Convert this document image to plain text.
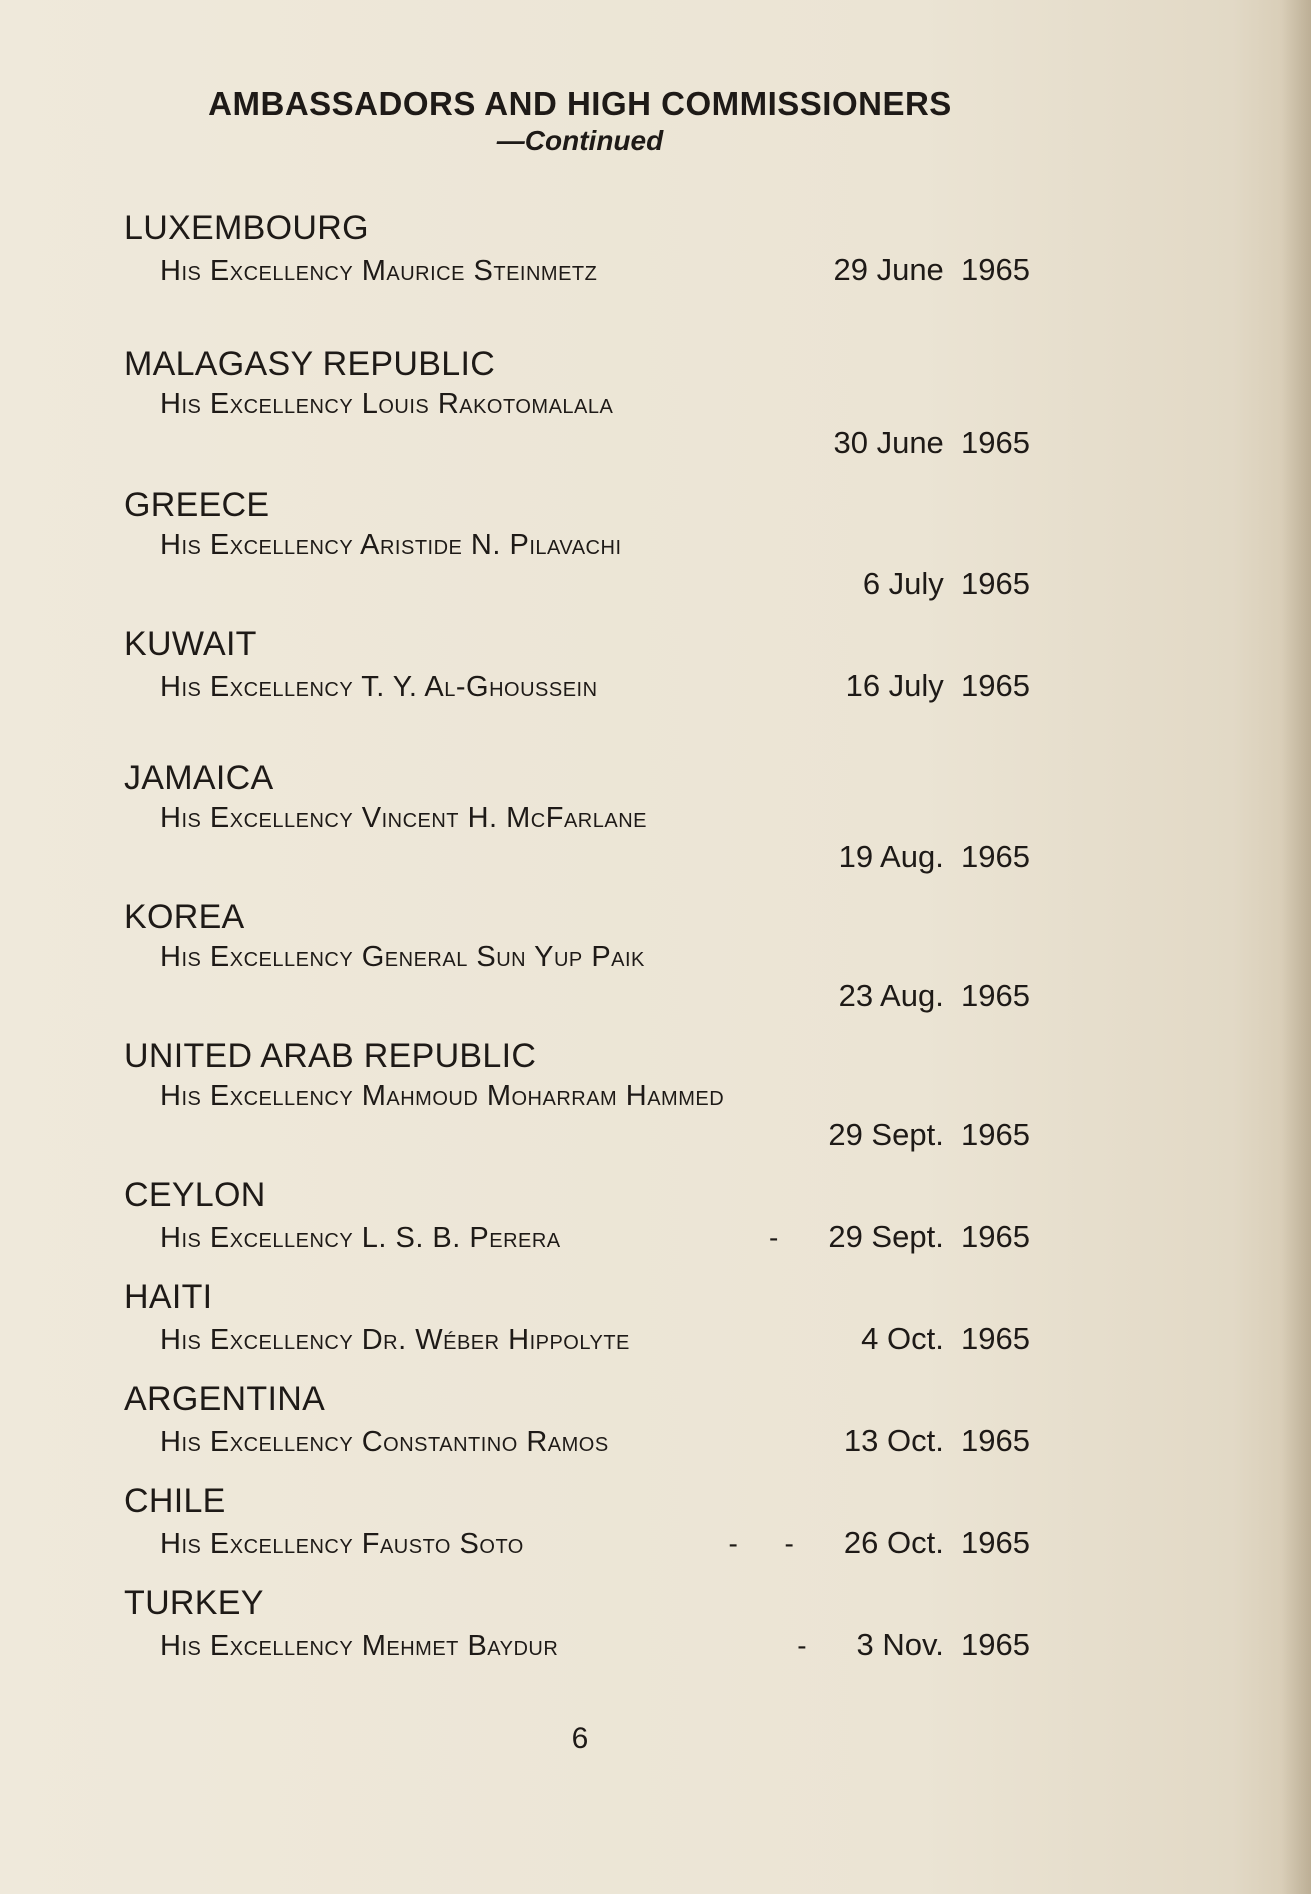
AMBASSADORS AND HIGH COMMISSIONERS
—Continued
LUXEMBOURG
His Excellency Maurice Steinmetz	29 June  1965
MALAGASY REPUBLIC
His Excellency Louis Rakotomalala
30 June  1965
GREECE
His Excellency Aristide N. Pilavachi
6 July  1965
KUWAIT
His Excellency T. Y. Al-Ghoussein	16 July  1965
JAMAICA
His Excellency Vincent H. McFarlane
19 Aug.  1965
KOREA
His Excellency General Sun Yup Paik
23 Aug.  1965
UNITED ARAB REPUBLIC
His Excellency Mahmoud Moharram Hammed
29 Sept.  1965
CEYLON
His Excellency L. S. B. Perera	- 29 Sept.  1965
HAITI
His Excellency Dr. Wéber Hippolyte	4 Oct.  1965
ARGENTINA
His Excellency Constantino Ramos	13 Oct.  1965
CHILE
His Excellency Fausto Soto	-      - 26 Oct.  1965
TURKEY
His Excellency Mehmet Baydur	- 3 Nov.  1965
6
